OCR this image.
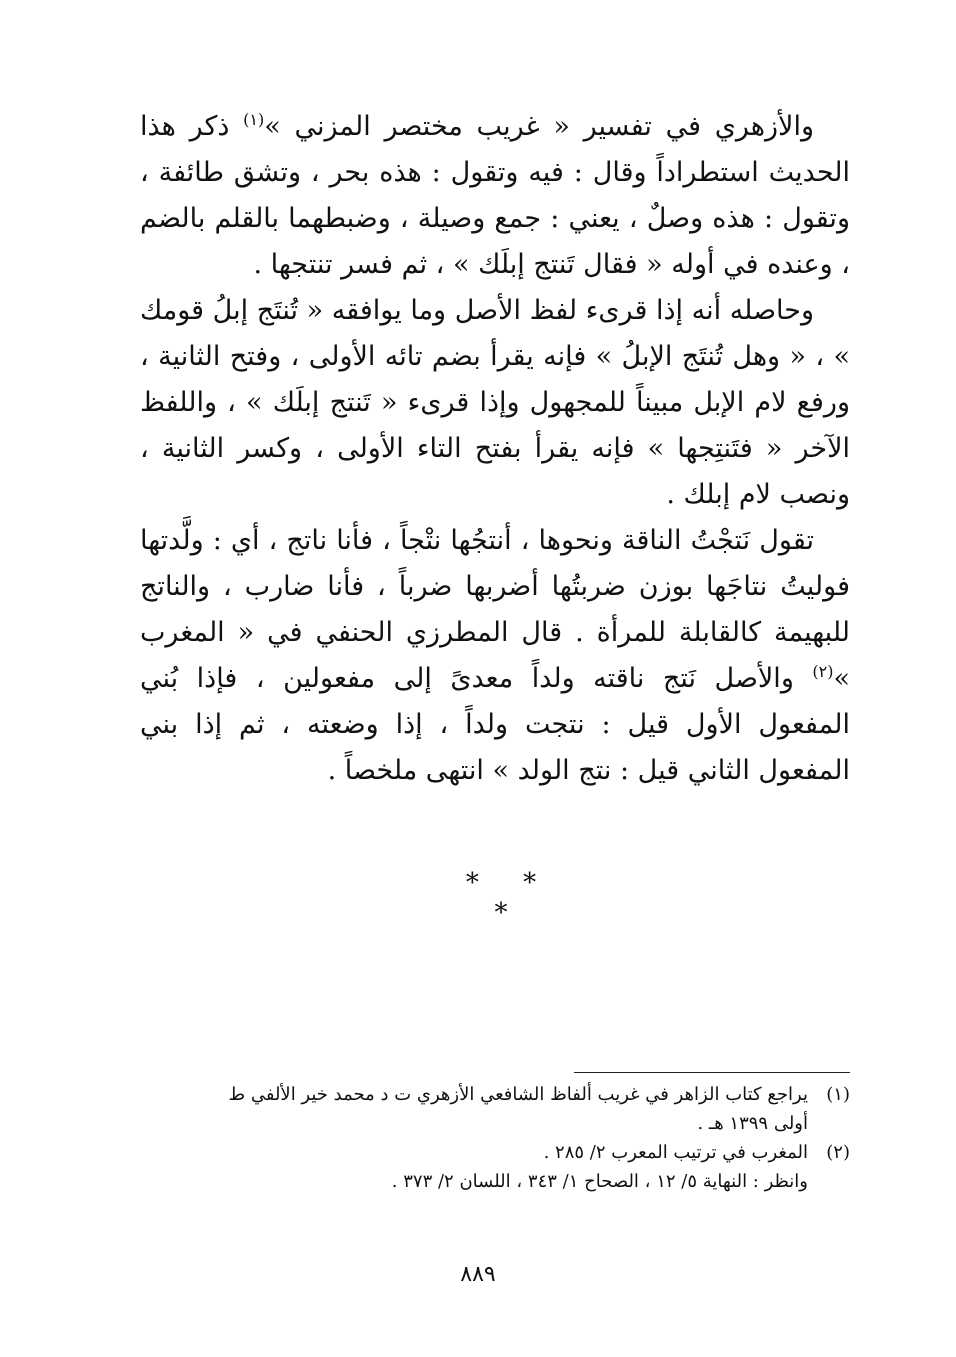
والأزهري في تفسير « غريب مختصر المزني »$^{(١)}$ ذكر هذا الحديث استطراداً وقال : فيه وتقول : هذه بحر ، وتشق طائفة ، وتقول : هذه وصلٌ ، يعني : جمع وصيلة ، وضبطهما بالقلم بالضم ، وعنده في أوله « فقال تَنتج إبلَك » ، ثم فسر تنتجها .

وحاصله أنه إذا قرىء لفظ الأصل وما يوافقه « تُنتَج إبلُ قومك » ، « وهل تُنتَج الإبلُ » فإنه يقرأ بضم تائه الأولى ، وفتح الثانية ، ورفع لام الإبل مبيناً للمجهول وإذا قرىء « تَنتج إبلَك » ، واللفظ الآخر « فتَنتِجها » فإنه يقرأ بفتح التاء الأولى ، وكسر الثانية ، ونصب لام إبلك .

تقول نَتجْتُ الناقة ونحوها ، أنتجُها نتْجاً ، فأنا ناتج ، أي : ولَّدتها فوليتُ نتاجَها بوزن ضربتُها أضربها ضرباً ، فأنا ضارب ، والناتج للبهيمة كالقابلة للمرأة . قال المطرزي الحنفي في « المغرب »$^{(٢)}$ والأصل نَتج ناقته ولداً معدىً إلى مفعولين ، فإذا بُني المفعول الأول قيل : نتجت ولداً ، إذا وضعته ، ثم إذا بني المفعول الثاني قيل : نتج الولد » انتهى ملخصاً .

* * *
(١)
يراجع كتاب الزاهر في غريب ألفاظ الشافعي الأزهري ت د محمد خير الألفي ط
أولى ١٣٩٩ هـ .
(٢)
المغرب في ترتيب المعرب ٢/ ٢٨٥ .
وانظر : النهاية ٥/ ١٢ ، الصحاح ١/ ٣٤٣ ، اللسان ٢/ ٣٧٣ .
٨٨٩
